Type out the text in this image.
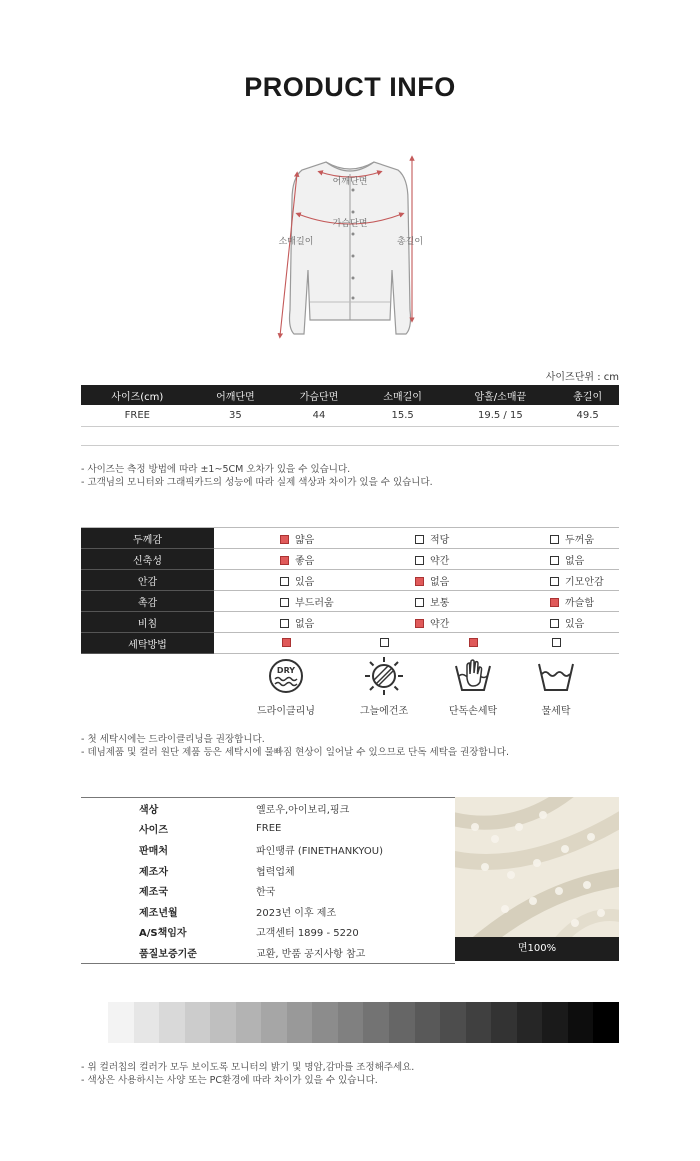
PRODUCT INFO
어깨단면
가슴단면
소매길이	총길이
사이즈단위 : cm
사이즈(cm)	어깨단면	가슴단면	소매길이	암홀/소매끝	총길이
FREE	35	44	15.5	19.5 / 15	49.5

- 사이즈는 측정 방법에 따라 ±1~5CM 오차가 있을 수 있습니다.

- 고객님의 모니터와 그래픽카드의 성능에 따라 실제 색상과 차이가 있을 수 있습니다.

두께감	얇음	적당	두꺼움
신축성	좋음	약간	없음
안감	있음	없음	기모안감
촉감	부드러움	보통	까슬함
비침	없음	약간	있음
세탁방법	DRY
드라이클리닝 그늘에건조 단독손세탁 물세탁		

- 첫 세탁시에는 드라이클리닝을 권장합니다.

- 데님제품 및 컬러 원단 제품 등은 세탁시에 물빠짐 현상이 일어날 수 있으므로 단독 세탁을 권장합니다.

색상	옐로우,아이보리,핑크
사이즈	FREE
판매처	파인땡큐 (FINETHANKYOU)
제조자	협력업체
제조국	한국
제조년월	2023년 이후 제조
A/S책임자	고객센터 1899 - 5220
품질보증기준	교환, 반품 공지사항 참고
면100%

- 위 컬러칩의 컬러가 모두 보이도록 모니터의 밝기 및 명암,감마를 조정해주세요.

- 색상은 사용하시는 사양 또는 PC환경에 따라 차이가 있을 수 있습니다.
